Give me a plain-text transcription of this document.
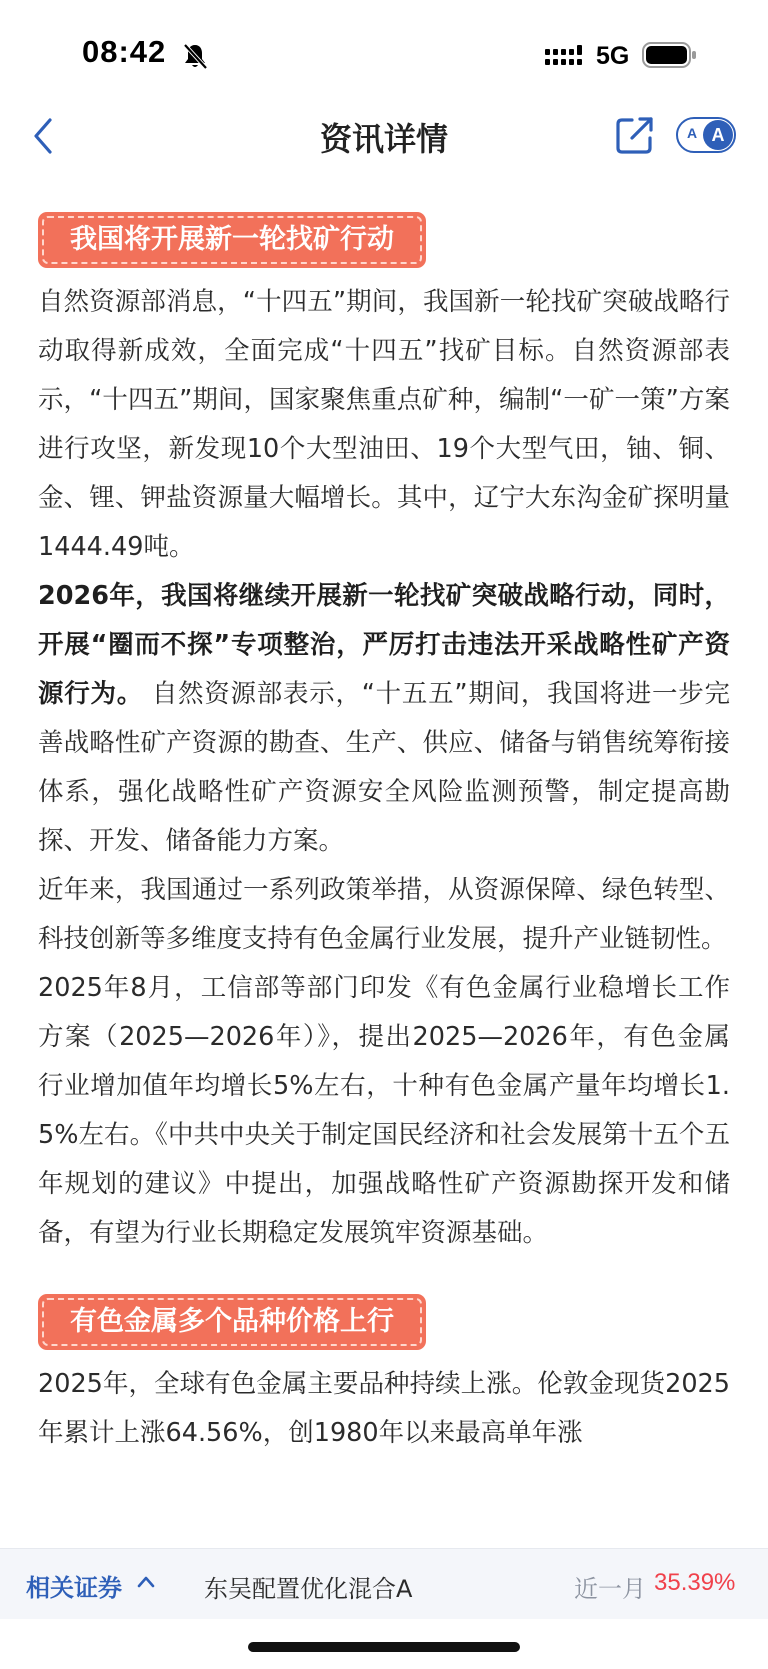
08:42	5G
资讯详情	A A
我国将开展新一轮找矿行动

自然资源部消息，“十四五”期间，我国新一轮找矿突破战略行动取得新成效，全面完成“十四五”找矿目标。自然资源部表示，“十四五”期间，国家聚焦重点矿种，编制“一矿一策”方案进行攻坚，新发现10个大型油田、19个大型气田，铀、铜、金、锂、钾盐资源量大幅增长。其中，辽宁大东沟金矿探明量1444.49吨。

2026年，我国将继续开展新一轮找矿突破战略行动，同时，开展“圈而不探”专项整治，严厉打击违法开采战略性矿产资源行为。 自然资源部表示，“十五五”期间，我国将进一步完善战略性矿产资源的勘查、生产、供应、储备与销售统筹衔接体系，强化战略性矿产资源安全风险监测预警，制定提高勘探、开发、储备能力方案。

近年来，我国通过一系列政策举措，从资源保障、绿色转型、科技创新等多维度支持有色金属行业发展，提升产业链韧性。

2025年8月，工信部等部门印发《有色金属行业稳增长工作方案（2025—2026年）》，提出2025—2026年，有色金属行业增加值年均增长5%左右，十种有色金属产量年均增长1.5%左右。《中共中央关于制定国民经济和社会发展第十五个五年规划的建议》中提出，加强战略性矿产资源勘探开发和储备，有望为行业长期稳定发展筑牢资源基础。

有色金属多个品种价格上行

2025年，全球有色金属主要品种持续上涨。伦敦金现货2025年累计上涨64.56%，创1980年以来最高单年涨

相关证券	东吴配置优化混合A	近一月 35.39%
